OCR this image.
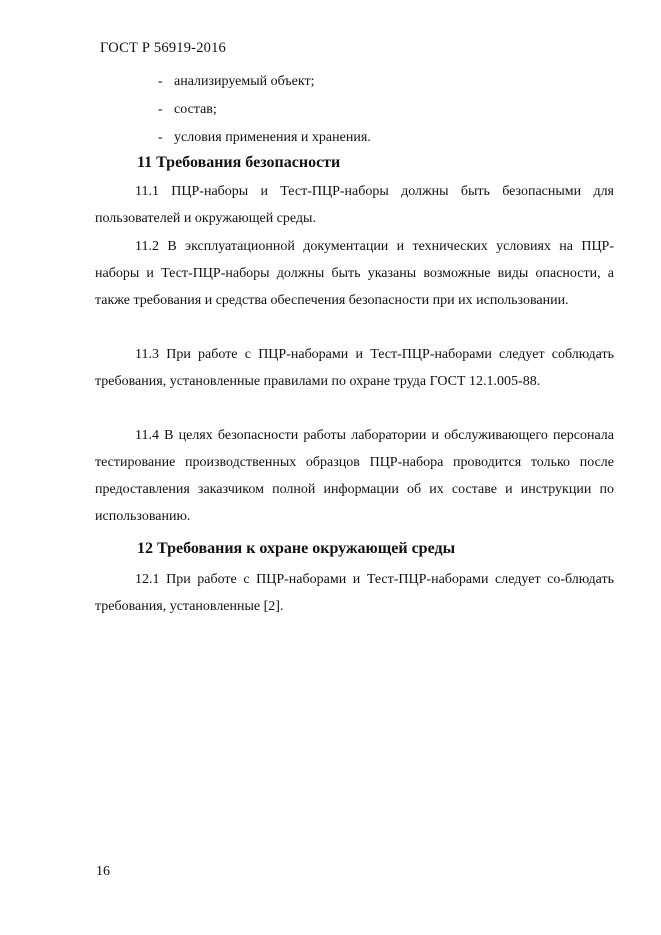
ГОСТ Р 56919-2016
- анализируемый объект;
- состав;
- условия применения и хранения.
11 Требования безопасности
11.1 ПЦР-наборы и Тест-ПЦР-наборы должны быть безопасными для пользователей и окружающей среды.
11.2 В эксплуатационной документации и технических условиях на ПЦР-наборы и Тест-ПЦР-наборы должны быть указаны возможные виды опасности, а также требования и средства обеспечения безопасности при их использовании.
11.3 При работе с ПЦР-наборами и Тест-ПЦР-наборами следует соблюдать требования, установленные правилами по охране труда ГОСТ 12.1.005-88.
11.4 В целях безопасности работы лаборатории и обслуживающего персонала тестирование производственных образцов ПЦР-набора проводится только после предоставления заказчиком полной информации об их составе и инструкции по использованию.
12 Требования к охране окружающей среды
12.1 При работе с ПЦР-наборами и Тест-ПЦР-наборами следует со-блюдать требования, установленные [2].
16
